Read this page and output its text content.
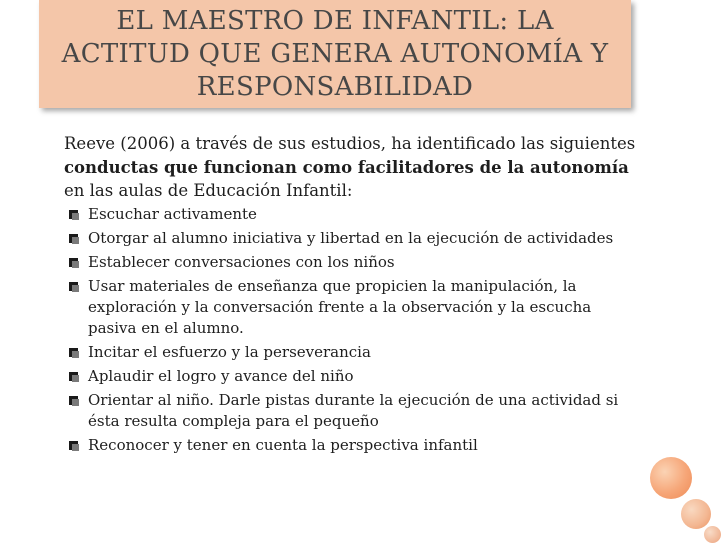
EL MAESTRO DE INFANTIL: LA ACTITUD QUE GENERA AUTONOMÍA Y RESPONSABILIDAD

Reeve (2006) a través de sus estudios, ha identificado las siguientes conductas que funcionan como facilitadores de la autonomía en las aulas de Educación Infantil:

Escuchar activamente
Otorgar al alumno iniciativa y libertad en la ejecución de actividades
Establecer conversaciones con los niños
Usar materiales de enseñanza que propicien la manipulación, la exploración y la conversación frente a la observación y la escucha pasiva en el alumno.
Incitar el esfuerzo y la perseverancia
Aplaudir el logro y avance del niño
Orientar al niño. Darle pistas durante la ejecución de una actividad si ésta resulta compleja para el pequeño
Reconocer y tener en cuenta la perspectiva infantil
